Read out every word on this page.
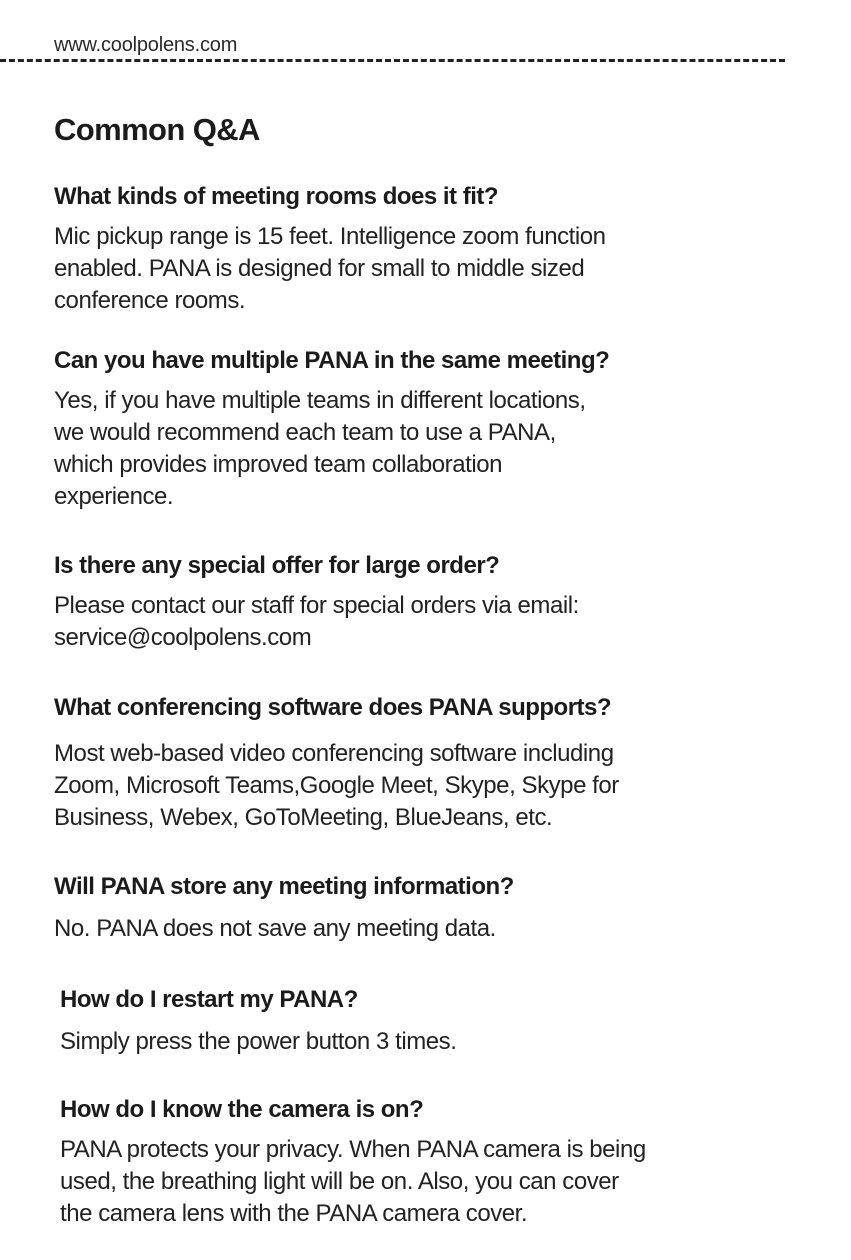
www.coolpolens.com
Common Q&A

What kinds of meeting rooms does it fit?

Mic pickup range is 15 feet. Intelligence zoom function
enabled. PANA is designed for small to middle sized
conference rooms.

Can you have multiple PANA in the same meeting?

Yes, if you have multiple teams in different locations,
we would recommend each team to use a PANA,
which provides improved team collaboration
experience.

Is there any special offer for large order?

Please contact our staff for special orders via email:
service@coolpolens.com

What conferencing software does PANA supports?

Most web-based video conferencing software including
Zoom, Microsoft Teams,Google Meet, Skype, Skype for
Business, Webex, GoToMeeting, BlueJeans, etc.

Will PANA store any meeting information?

No. PANA does not save any meeting data.

How do I restart my PANA?

Simply press the power button 3 times.

How do I know the camera is on?

PANA protects your privacy. When PANA camera is being
used, the breathing light will be on. Also, you can cover
the camera lens with the PANA camera cover.
